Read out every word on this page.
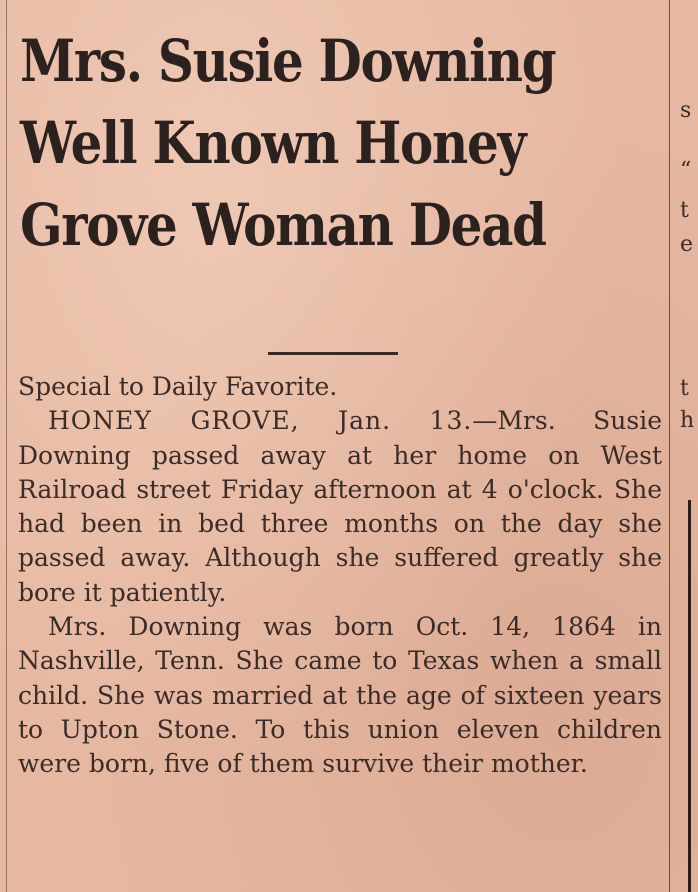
Mrs. Susie Downing
Well Known Honey
Grove Woman Dead

Special to Daily Favorite.

HONEY GROVE, Jan. 13.—Mrs. Susie Downing passed away at her home on West Railroad street Friday afternoon at 4 o'clock. She had been in bed three months on the day she passed away. Although she suffered greatly she bore it patiently.

Mrs. Downing was born Oct. 14, 1864 in Nashville, Tenn. She came to Texas when a small child. She was married at the age of sixteen years to Upton Stone. To this union eleven children were born, five of them survive their mother.

s
“
t
e
t
h
